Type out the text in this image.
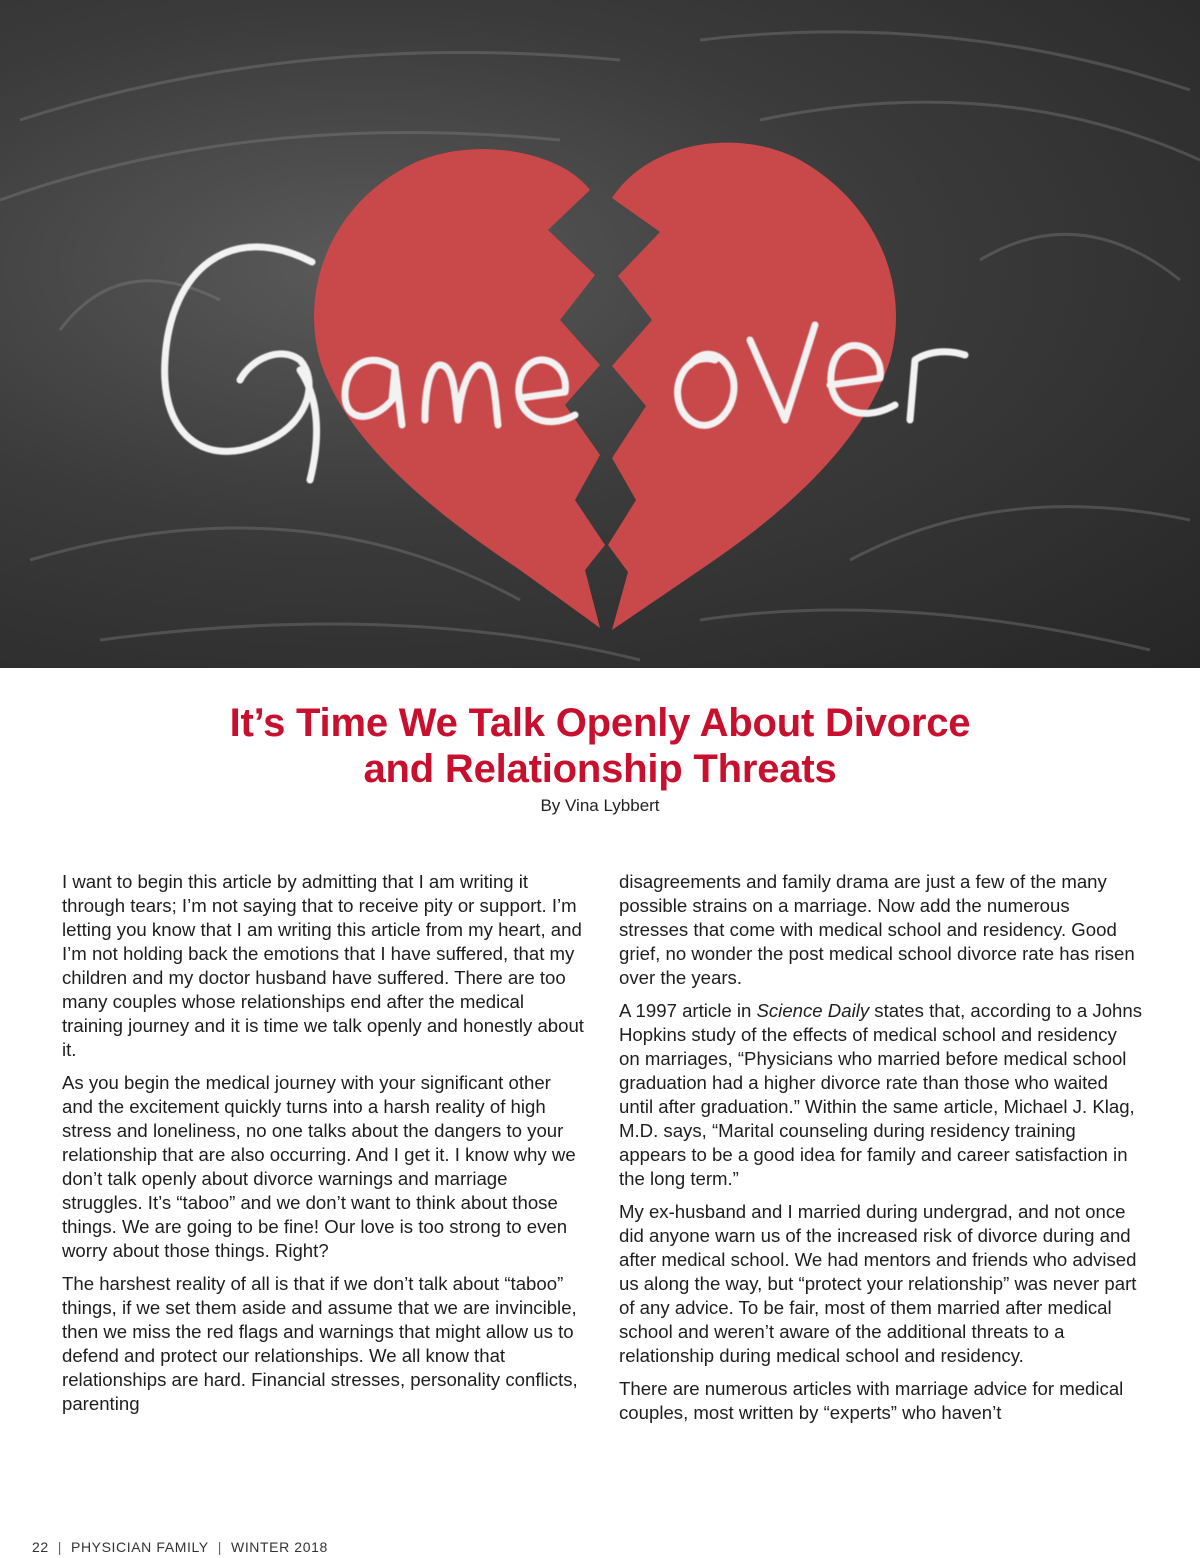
It’s Time We Talk Openly About Divorce
and Relationship Threats
By Vina Lybbert

I want to begin this article by admitting that I am writing it through tears; I’m not saying that to receive pity or support. I’m letting you know that I am writing this article from my heart, and I’m not holding back the emotions that I have suffered, that my children and my doctor husband have suffered. There are too many couples whose relationships end after the medical training journey and it is time we talk openly and honestly about it.

As you begin the medical journey with your significant other and the excitement quickly turns into a harsh reality of high stress and loneliness, no one talks about the dangers to your relationship that are also occurring. And I get it. I know why we don’t talk openly about divorce warnings and marriage struggles. It’s “taboo” and we don’t want to think about those things. We are going to be fine! Our love is too strong to even worry about those things. Right?

The harshest reality of all is that if we don’t talk about “taboo” things, if we set them aside and assume that we are invincible, then we miss the red flags and warnings that might allow us to defend and protect our relationships. We all know that relationships are hard. Financial stresses, personality conflicts, parenting

disagreements and family drama are just a few of the many possible strains on a marriage. Now add the numerous stresses that come with medical school and residency. Good grief, no wonder the post medical school divorce rate has risen over the years.

A 1997 article in Science Daily states that, according to a Johns Hopkins study of the effects of medical school and residency on marriages, “Physicians who married before medical school graduation had a higher divorce rate than those who waited until after graduation.” Within the same article, Michael J. Klag, M.D. says, “Marital counseling during residency training appears to be a good idea for family and career satisfaction in the long term.”

My ex-husband and I married during undergrad, and not once did anyone warn us of the increased risk of divorce during and after medical school. We had mentors and friends who advised us along the way, but “protect your relationship” was never part of any advice. To be fair, most of them married after medical school and weren’t aware of the additional threats to a relationship during medical school and residency.

There are numerous articles with marriage advice for medical couples, most written by “experts” who haven’t

22 | PHYSICIAN FAMILY | WINTER 2018
